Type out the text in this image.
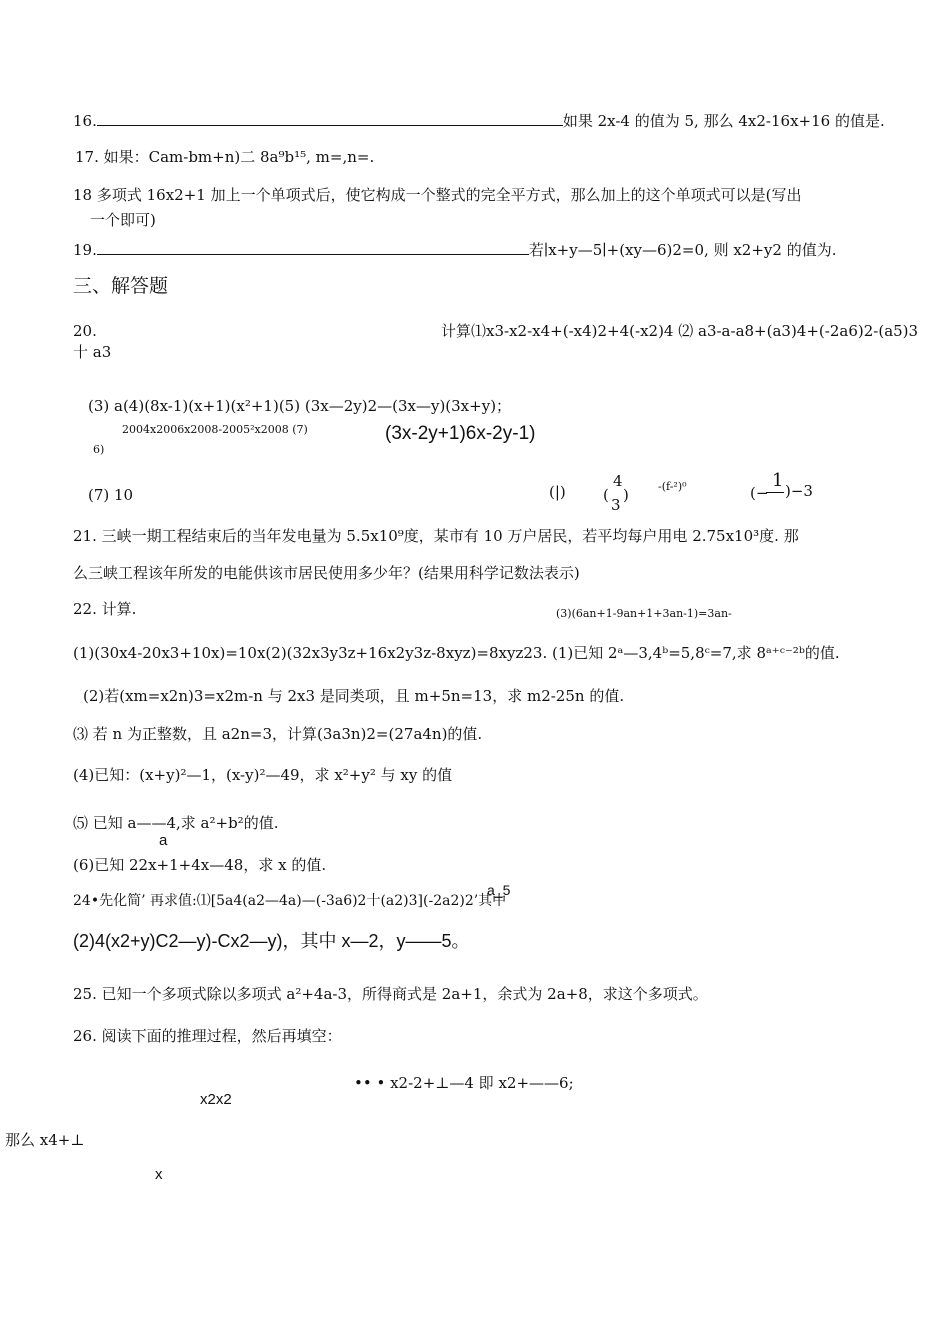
16.	如果 2x-4 的值为 5, 那么 4x2-16x+16 的值是.
17. 如果：Cam-bm+n)二 8a⁹b¹⁵, m=,n=.
18 多项式 16x2+1 加上一个单项式后，使它构成一个整式的完全平方式，那么加上的这个单项式可以是(写出
一个即可)
19.	若∣x+y—5∣+(xy—6)2=0, 则 x2+y2 的值为.
三、解答题
20.	计算⑴x3-x2-x4+(-x4)2+4(-x2)4 ⑵ a3-a-a8+(a3)4+(-2a6)2-(a5)3
十 a3
(3) a(4)(8x-1)(x+1)(x²+1)(5) (3x—2y)2—(3x—y)(3x+y)；
2004x2006x2008-2005²x2008 (7)	(3x-2y+1)6x-2y-1)
6)
(7) 10	(|) (
4
3
)	-(f-²)⁰	(−
1 )−3
21. 三峡一期工程结束后的当年发电量为 5.5x10⁹度，某市有 10 万户居民，若平均每户用电 2.75x10³度. 那
么三峡工程该年所发的电能供该市居民使用多少年？(结果用科学记数法表示)
22. 计算.	(3)(6an+1-9an+1+3an-1)=3an-
(1)(30x4-20x3+10x)=10x(2)(32x3y3z+16x2y3z-8xyz)=8xyz23. (1)已知 2ᵃ—3,4ᵇ=5,8ᶜ=7,求 8ᵃ⁺ᶜ⁻²ᵇ的值.
(2)若(xm=x2n)3=x2m-n 与 2x3 是同类项，且 m+5n=13，求 m2-25n 的值.
⑶ 若 n 为正整数，且 a2n=3，计算(3a3n)2=(27a4n)的值.
(4)已知：(x+y)²—1，(x-y)²—49，求 x²+y² 与 xy 的值
⑸ 已知 a——4,求 a²+b²的值.
a
(6)已知 22x+1+4x—48，求 x 的值.
24•先化简’ 再求值:⑴[5a4(a2—4a)—(-3a6)2十(a2)3](-2a2)2’其中
a_5
(2)4(x2+y)C2—y)-Cx2—y)，其中 x—2，y——5。
25. 已知一个多项式除以多项式 a²+4a-3，所得商式是 2a+1，余式为 2a+8，求这个多项式。
26. 阅读下面的推理过程，然后再填空：
•• • x2-2+⊥—4 即 x2+——6;
x2x2
那么 x4+⊥
x
